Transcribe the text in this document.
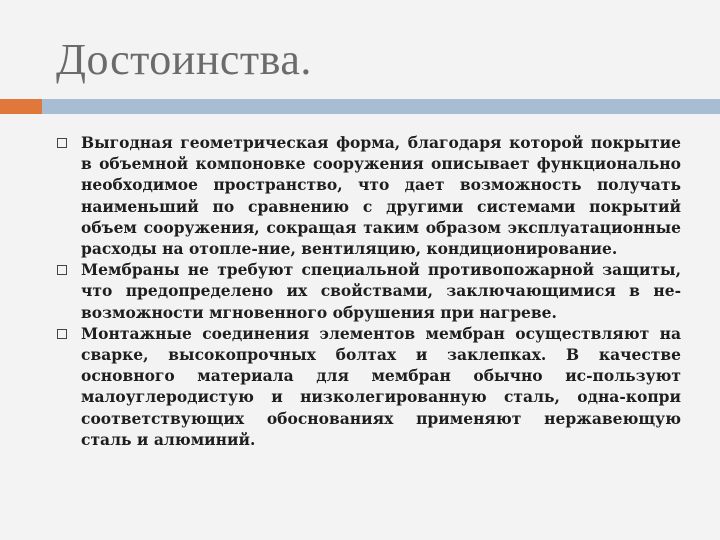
Достоинства.
Выгодная геометрическая форма, благодаря которой покрытие в объемной компоновке сооружения описывает функционально необходимое пространство, что дает возможность получать наименьший по сравнению с другими системами покрытий объем сооружения, сокращая таким образом эксплуатационные расходы на отопле-ние, вентиляцию, кондиционирование.
Мембраны не требуют специальной противопожарной защиты, что предопределено их свойствами, заключающимися в не-возможности мгновенного обрушения при нагреве.
Монтажные соединения элементов мембран осуществляют на сварке, высокопрочных болтах и заклепках. В качестве основного материала для мембран обычно ис-пользуют малоуглеродистую и низколегированную сталь, одна-копри соответствующих обоснованиях применяют нержавеющую сталь и алюминий.
